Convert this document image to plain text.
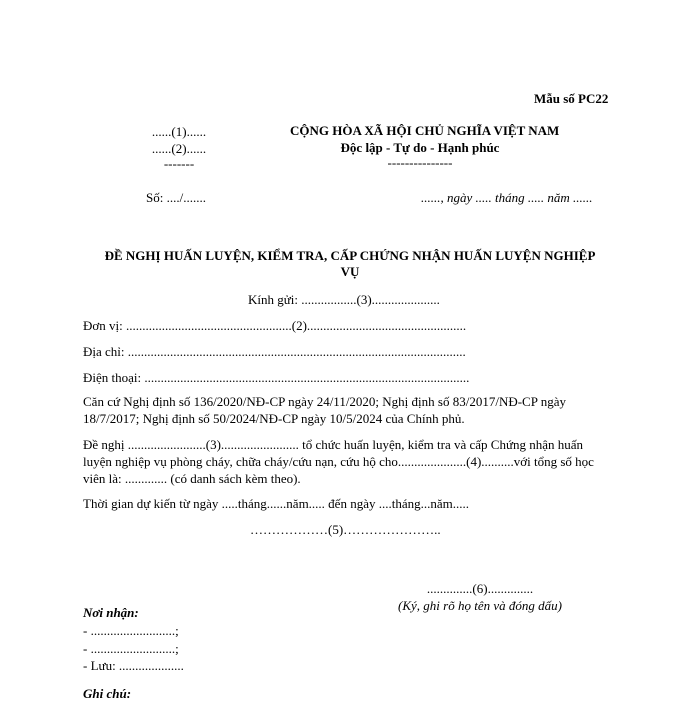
Mẫu số PC22
......(1)......
......(2)......
-------
CỘNG HÒA XÃ HỘI CHỦ NGHĨA VIỆT NAM
Độc lập - Tự do - Hạnh phúc
---------------
Số: ..../.......	......, ngày ..... tháng ..... năm ......
ĐỀ NGHỊ HUẤN LUYỆN, KIỂM TRA, CẤP CHỨNG NHẬN HUẤN LUYỆN NGHIỆP
VỤ
Kính gửi: .................(3).....................
Đơn vị: ...................................................(2).................................................
Địa chỉ: ........................................................................................................
Điện thoại: ....................................................................................................
Căn cứ Nghị định số 136/2020/NĐ-CP ngày 24/11/2020; Nghị định số 83/2017/NĐ-CP ngày 18/7/2017; Nghị định số 50/2024/NĐ-CP ngày 10/5/2024 của Chính phủ.
Đề nghị ........................(3)........................ tổ chức huấn luyện, kiểm tra và cấp Chứng nhận huấn luyện nghiệp vụ phòng cháy, chữa cháy/cứu nạn, cứu hộ cho.....................(4)..........với tổng số học viên là: ............. (có danh sách kèm theo).
Thời gian dự kiến từ ngày .....tháng......năm..... đến ngày ....tháng...năm.....
………………(5)…………………..
..............(6)..............
(Ký, ghi rõ họ tên và đóng dấu)
Nơi nhận:
- ..........................;
- ..........................;
- Lưu: ....................
Ghi chú:
